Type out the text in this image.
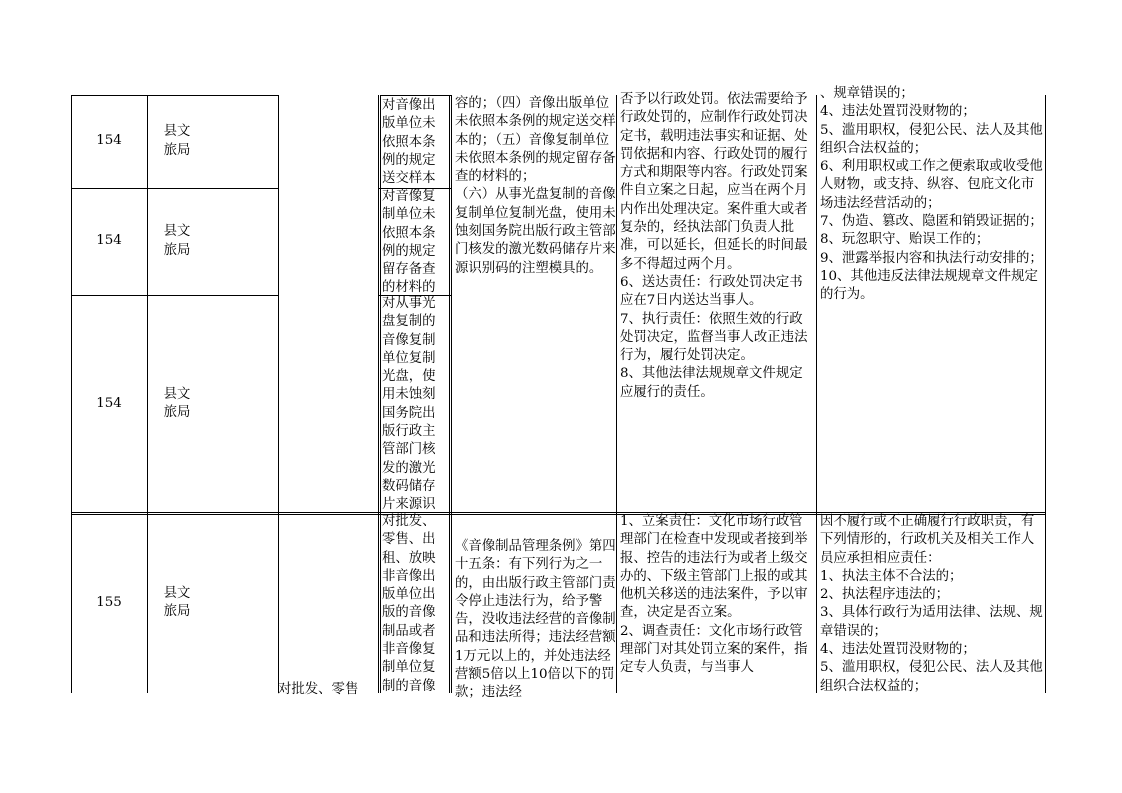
154
县文旅局
对音像出版单位未依照本条例的规定送交样本
154
县文旅局
对音像复制单位未依照本条例的规定留存备查的材料的
154
县文旅局
对从事光盘复制的音像复制单位复制光盘，使用未蚀刻国务院出版行政主管部门核发的激光数码储存片来源识
容的；（四）音像出版单位未依照本条例的规定送交样本的；（五）音像复制单位未依照本条例的规定留存备查的材料的；
（六）从事光盘复制的音像复制单位复制光盘，使用未蚀刻国务院出版行政主管部门核发的激光数码储存片来源识别码的注塑模具的。
否予以行政处罚。依法需要给予行政处罚的，应制作行政处罚决定书，载明违法事实和证据、处罚依据和内容、行政处罚的履行方式和期限等内容。行政处罚案件自立案之日起，应当在两个月内作出处理决定。案件重大或者复杂的，经执法部门负责人批准，可以延长，但延长的时间最多不得超过两个月。
6、送达责任：行政处罚决定书应在7日内送达当事人。
7、执行责任：依照生效的行政处罚决定，监督当事人改正违法行为，履行处罚决定。
8、其他法律法规规章文件规定应履行的责任。
、规章错误的；
4、违法处置罚没财物的；
5、滥用职权，侵犯公民、法人及其他组织合法权益的；
6、利用职权或工作之便索取或收受他人财物，或支持、纵容、包庇文化市场违法经营活动的；
7、伪造、篡改、隐匿和销毁证据的；
8、玩忽职守、贻误工作的；
9、泄露举报内容和执法行动安排的；
10、其他违反法律法规规章文件规定的行为。
155
县文旅局
对批发、零售
对批发、零售、出租、放映非音像出版单位出版的音像制品或者非音像复制单位复制的音像
《音像制品管理条例》第四十五条：有下列行为之一的，由出版行政主管部门责令停止违法行为，给予警告，没收违法经营的音像制品和违法所得；违法经营额1万元以上的，并处违法经营额5倍以上10倍以下的罚款；违法经
1、立案责任：文化市场行政管理部门在检查中发现或者接到举报、控告的违法行为或者上级交办的、下级主管部门上报的或其他机关移送的违法案件，予以审查，决定是否立案。
2、调查责任：文化市场行政管理部门对其处罚立案的案件，指定专人负责，与当事人
因不履行或不正确履行行政职责，有下列情形的，行政机关及相关工作人员应承担相应责任：
1、执法主体不合法的；
2、执法程序违法的；
3、具体行政行为适用法律、法规、规章错误的；
4、违法处置罚没财物的；
5、滥用职权，侵犯公民、法人及其他组织合法权益的；
